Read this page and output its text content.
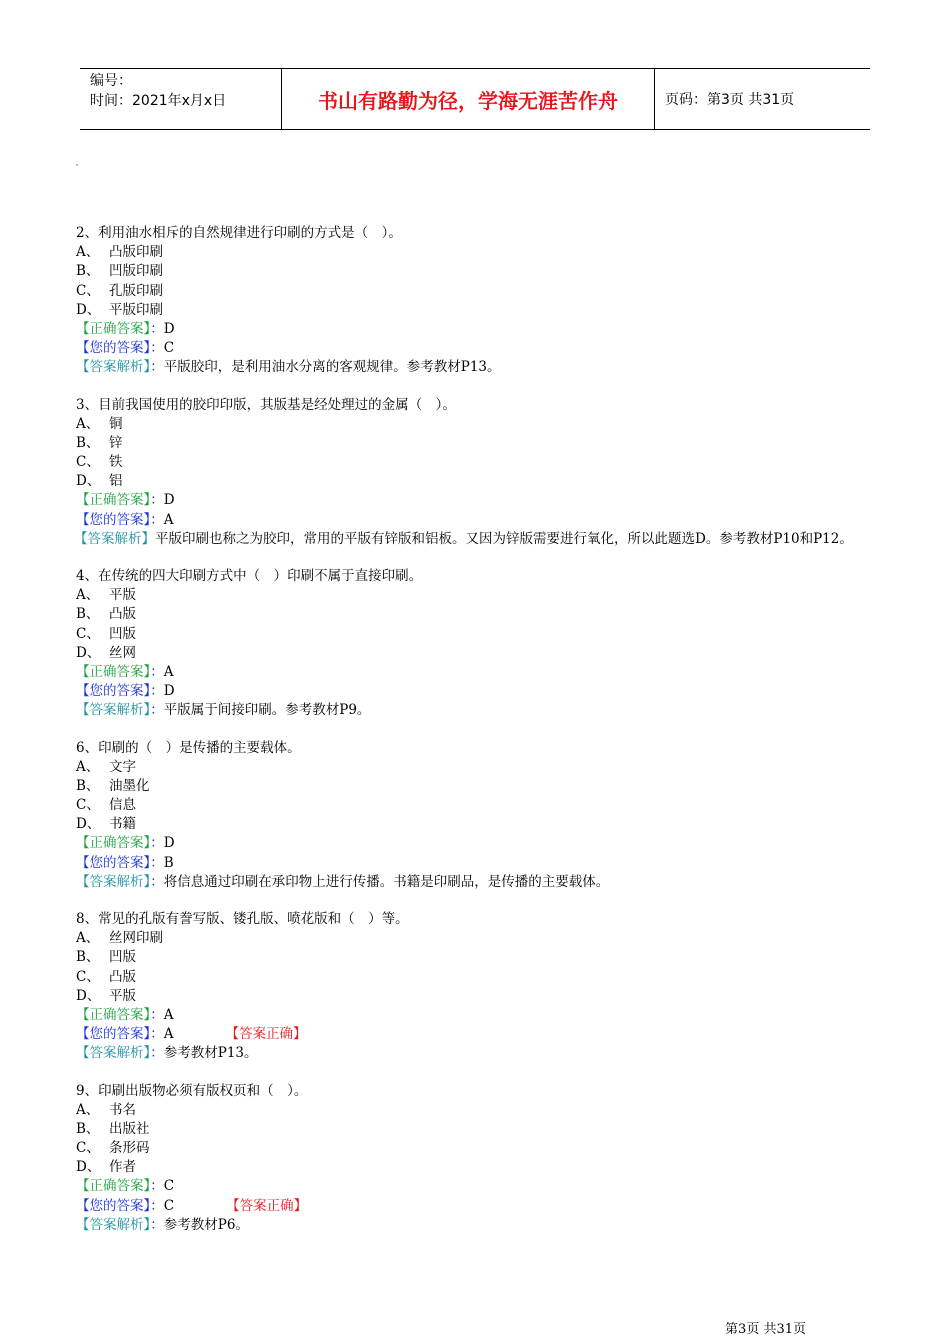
编号：
时间：2021年x月x日	书山有路勤为径，学海无涯苦作舟	页码：第3页 共31页
2、利用油水相斥的自然规律进行印刷的方式是（　）。
A、 凸版印刷
B、 凹版印刷
C、 孔版印刷
D、 平版印刷
【正确答案】：D
【您的答案】：C
【答案解析】：平版胶印，是利用油水分离的客观规律。参考教材P13。
3、目前我国使用的胶印印版，其版基是经处理过的金属（　）。
A、 铜
B、 锌
C、 铁
D、 铝
【正确答案】：D
【您的答案】：A
【答案解析】平版印刷也称之为胶印，常用的平版有锌版和铝板。又因为锌版需要进行氧化，所以此题选D。参考教材P10和P12。
4、在传统的四大印刷方式中（　）印刷不属于直接印刷。
A、 平版
B、 凸版
C、 凹版
D、 丝网
【正确答案】：A
【您的答案】：D
【答案解析】：平版属于间接印刷。参考教材P9。
6、印刷的（　）是传播的主要载体。
A、 文字
B、 油墨化
C、 信息
D、 书籍
【正确答案】：D
【您的答案】：B
【答案解析】：将信息通过印刷在承印物上进行传播。书籍是印刷品，是传播的主要载体。
8、常见的孔版有誊写版、镂孔版、喷花版和（　）等。
A、 丝网印刷
B、 凹版
C、 凸版
D、 平版
【正确答案】：A
【您的答案】：A	【答案正确】
【答案解析】：参考教材P13。
9、印刷出版物必须有版权页和（　）。
A、 书名
B、 出版社
C、 条形码
D、 作者
【正确答案】：C
【您的答案】：C	【答案正确】
【答案解析】：参考教材P6。
第3页 共31页
